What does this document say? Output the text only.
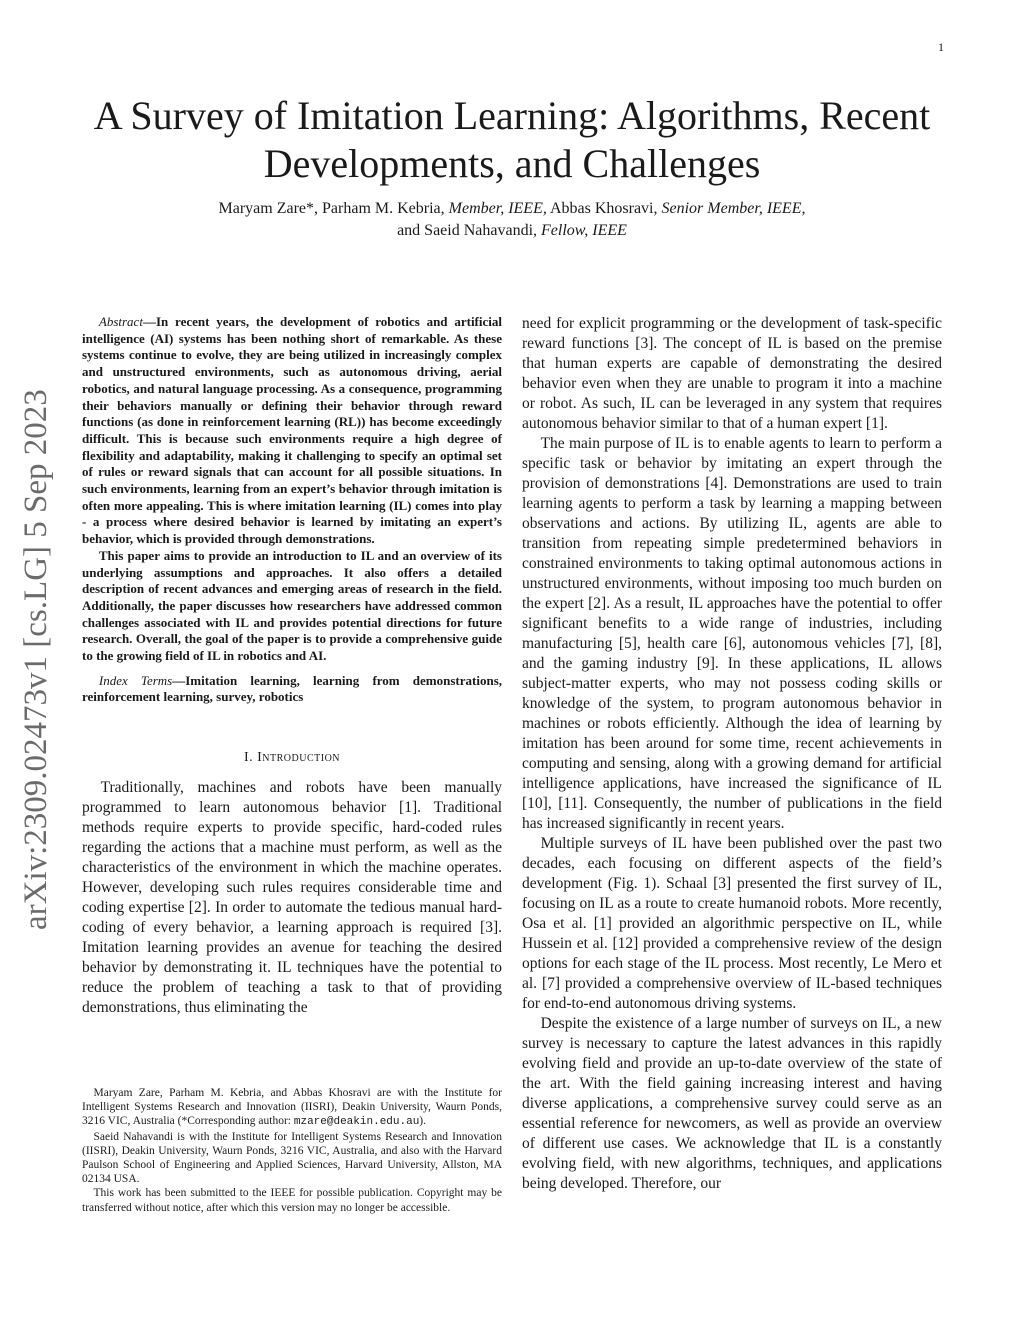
1
arXiv:2309.02473v1 [cs.LG] 5 Sep 2023
A Survey of Imitation Learning: Algorithms, Recent Developments, and Challenges
Maryam Zare*, Parham M. Kebria, Member, IEEE, Abbas Khosravi, Senior Member, IEEE,
and Saeid Nahavandi, Fellow, IEEE

Abstract—In recent years, the development of robotics and artificial intelligence (AI) systems has been nothing short of remarkable. As these systems continue to evolve, they are being utilized in increasingly complex and unstructured environments, such as autonomous driving, aerial robotics, and natural language processing. As a consequence, programming their behaviors manually or defining their behavior through reward functions (as done in reinforcement learning (RL)) has become exceedingly difficult. This is because such environments require a high degree of flexibility and adaptability, making it challenging to specify an optimal set of rules or reward signals that can account for all possible situations. In such environments, learning from an expert’s behavior through imitation is often more appealing. This is where imitation learning (IL) comes into play - a process where desired behavior is learned by imitating an expert’s behavior, which is provided through demonstrations.

This paper aims to provide an introduction to IL and an overview of its underlying assumptions and approaches. It also offers a detailed description of recent advances and emerging areas of research in the field. Additionally, the paper discusses how researchers have addressed common challenges associated with IL and provides potential directions for future research. Overall, the goal of the paper is to provide a comprehensive guide to the growing field of IL in robotics and AI.

Index Terms—Imitation learning, learning from demonstrations, reinforcement learning, survey, robotics

I. Introduction

Traditionally, machines and robots have been manually programmed to learn autonomous behavior [1]. Traditional methods require experts to provide specific, hard-coded rules regarding the actions that a machine must perform, as well as the characteristics of the environment in which the machine operates. However, developing such rules requires considerable time and coding expertise [2]. In order to automate the tedious manual hard-coding of every behavior, a learning approach is required [3]. Imitation learning provides an avenue for teaching the desired behavior by demonstrating it. IL techniques have the potential to reduce the problem of teaching a task to that of providing demonstrations, thus eliminating the

Maryam Zare, Parham M. Kebria, and Abbas Khosravi are with the Institute for Intelligent Systems Research and Innovation (IISRI), Deakin University, Waurn Ponds, 3216 VIC, Australia (*Corresponding author: mzare@deakin.edu.au).

Saeid Nahavandi is with the Institute for Intelligent Systems Research and Innovation (IISRI), Deakin University, Waurn Ponds, 3216 VIC, Australia, and also with the Harvard Paulson School of Engineering and Applied Sciences, Harvard University, Allston, MA 02134 USA.

This work has been submitted to the IEEE for possible publication. Copyright may be transferred without notice, after which this version may no longer be accessible.

need for explicit programming or the development of task-specific reward functions [3]. The concept of IL is based on the premise that human experts are capable of demonstrating the desired behavior even when they are unable to program it into a machine or robot. As such, IL can be leveraged in any system that requires autonomous behavior similar to that of a human expert [1].

The main purpose of IL is to enable agents to learn to perform a specific task or behavior by imitating an expert through the provision of demonstrations [4]. Demonstrations are used to train learning agents to perform a task by learning a mapping between observations and actions. By utilizing IL, agents are able to transition from repeating simple predetermined behaviors in constrained environments to taking optimal autonomous actions in unstructured environments, without imposing too much burden on the expert [2]. As a result, IL approaches have the potential to offer significant benefits to a wide range of industries, including manufacturing [5], health care [6], autonomous vehicles [7], [8], and the gaming industry [9]. In these applications, IL allows subject-matter experts, who may not possess coding skills or knowledge of the system, to program autonomous behavior in machines or robots efficiently. Although the idea of learning by imitation has been around for some time, recent achievements in computing and sensing, along with a growing demand for artificial intelligence applications, have increased the significance of IL [10], [11]. Consequently, the number of publications in the field has increased significantly in recent years.

Multiple surveys of IL have been published over the past two decades, each focusing on different aspects of the field’s development (Fig. 1). Schaal [3] presented the first survey of IL, focusing on IL as a route to create humanoid robots. More recently, Osa et al. [1] provided an algorithmic perspective on IL, while Hussein et al. [12] provided a comprehensive review of the design options for each stage of the IL process. Most recently, Le Mero et al. [7] provided a comprehensive overview of IL-based techniques for end-to-end autonomous driving systems.

Despite the existence of a large number of surveys on IL, a new survey is necessary to capture the latest advances in this rapidly evolving field and provide an up-to-date overview of the state of the art. With the field gaining increasing interest and having diverse applications, a comprehensive survey could serve as an essential reference for newcomers, as well as provide an overview of different use cases. We acknowledge that IL is a constantly evolving field, with new algorithms, techniques, and applications being developed. Therefore, our
